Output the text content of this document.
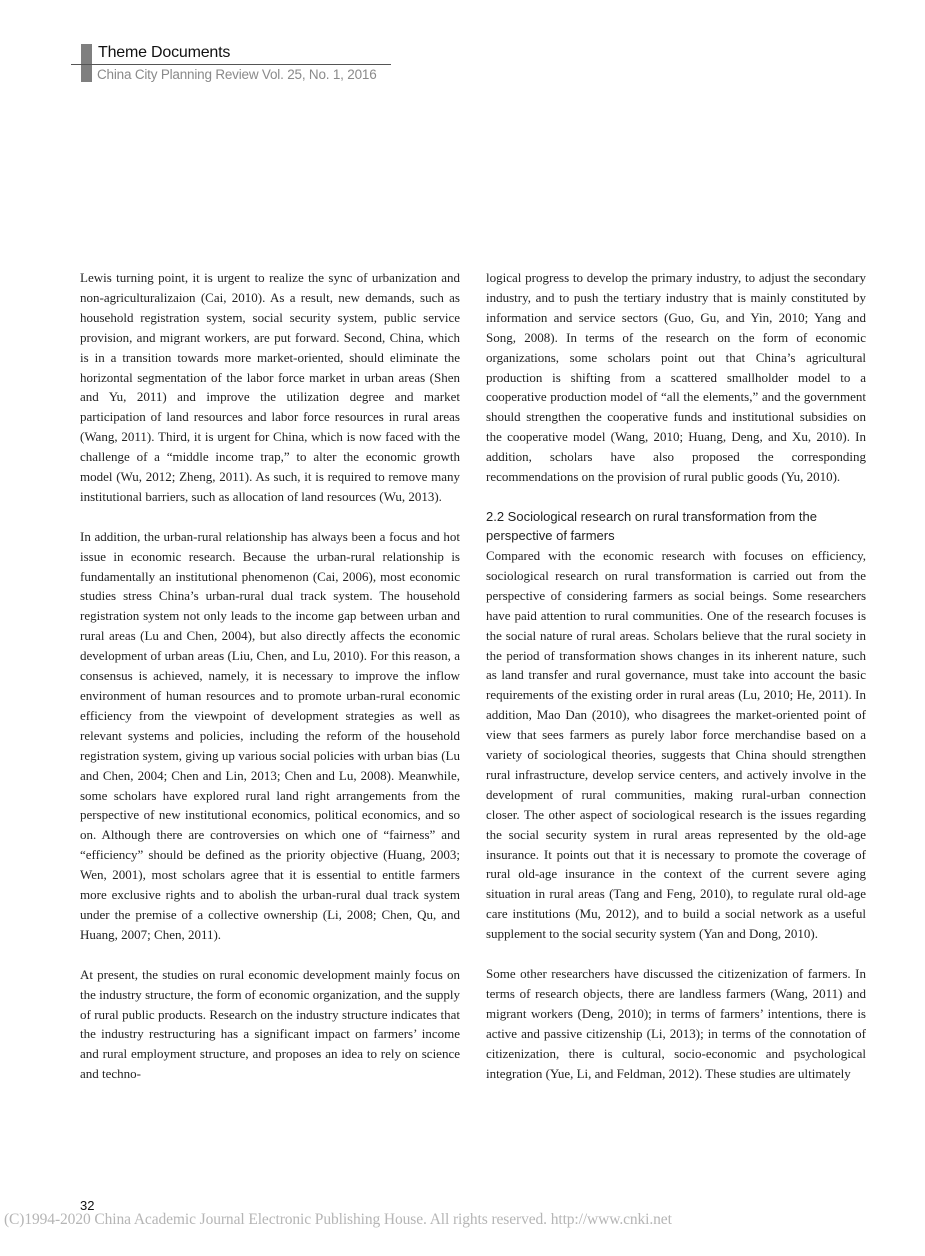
Theme Documents
China City Planning Review Vol. 25, No. 1, 2016

Lewis turning point, it is urgent to realize the sync of urbanization and non-agriculturalizaion (Cai, 2010). As a result, new demands, such as household registration system, social security system, public service provision, and migrant workers, are put forward. Second, China, which is in a transition towards more market-oriented, should eliminate the horizontal segmentation of the labor force market in urban areas (Shen and Yu, 2011) and improve the utilization degree and market participation of land resources and labor force resources in rural areas (Wang, 2011). Third, it is urgent for China, which is now faced with the challenge of a “middle income trap,” to alter the economic growth model (Wu, 2012; Zheng, 2011). As such, it is required to remove many institutional barriers, such as allocation of land resources (Wu, 2013).

In addition, the urban-rural relationship has always been a focus and hot issue in economic research. Because the urban-rural relationship is fundamentally an institutional phenomenon (Cai, 2006), most economic studies stress China’s urban-rural dual track system. The household registration system not only leads to the income gap between urban and rural areas (Lu and Chen, 2004), but also directly affects the economic development of urban areas (Liu, Chen, and Lu, 2010). For this reason, a consensus is achieved, namely, it is necessary to improve the inflow environment of human resources and to promote urban-rural economic efficiency from the viewpoint of development strategies as well as relevant systems and policies, including the reform of the household registration system, giving up various social policies with urban bias (Lu and Chen, 2004; Chen and Lin, 2013; Chen and Lu, 2008). Meanwhile, some scholars have explored rural land right arrangements from the perspective of new institutional economics, political economics, and so on. Although there are controversies on which one of “fairness” and “efficiency” should be defined as the priority objective (Huang, 2003; Wen, 2001), most scholars agree that it is essential to entitle farmers more exclusive rights and to abolish the urban-rural dual track system under the premise of a collective ownership (Li, 2008; Chen, Qu, and Huang, 2007; Chen, 2011).

At present, the studies on rural economic development mainly focus on the industry structure, the form of economic organization, and the supply of rural public products. Research on the industry structure indicates that the industry restructuring has a significant impact on farmers’ income and rural employment structure, and proposes an idea to rely on science and techno-

logical progress to develop the primary industry, to adjust the secondary industry, and to push the tertiary industry that is mainly constituted by information and service sectors (Guo, Gu, and Yin, 2010; Yang and Song, 2008). In terms of the research on the form of economic organizations, some scholars point out that China’s agricultural production is shifting from a scattered smallholder model to a cooperative production model of “all the elements,” and the government should strengthen the cooperative funds and institutional subsidies on the cooperative model (Wang, 2010; Huang, Deng, and Xu, 2010). In addition, scholars have also proposed the corresponding recommendations on the provision of rural public goods (Yu, 2010).

2.2 Sociological research on rural transformation from the perspective of farmers

Compared with the economic research with focuses on efficiency, sociological research on rural transformation is carried out from the perspective of considering farmers as social beings. Some researchers have paid attention to rural communities. One of the research focuses is the social nature of rural areas. Scholars believe that the rural society in the period of transformation shows changes in its inherent nature, such as land transfer and rural governance, must take into account the basic requirements of the existing order in rural areas (Lu, 2010; He, 2011). In addition, Mao Dan (2010), who disagrees the market-oriented point of view that sees farmers as purely labor force merchandise based on a variety of sociological theories, suggests that China should strengthen rural infrastructure, develop service centers, and actively involve in the development of rural communities, making rural-urban connection closer. The other aspect of sociological research is the issues regarding the social security system in rural areas represented by the old-age insurance. It points out that it is necessary to promote the coverage of rural old-age insurance in the context of the current severe aging situation in rural areas (Tang and Feng, 2010), to regulate rural old-age care institutions (Mu, 2012), and to build a social network as a useful supplement to the social security system (Yan and Dong, 2010).

Some other researchers have discussed the citizenization of farmers. In terms of research objects, there are landless farmers (Wang, 2011) and migrant workers (Deng, 2010); in terms of farmers’ intentions, there is active and passive citizenship (Li, 2013); in terms of the connotation of citizenization, there is cultural, socio-economic and psychological integration (Yue, Li, and Feldman, 2012). These studies are ultimately

32
(C)1994-2020 China Academic Journal Electronic Publishing House. All rights reserved. http://www.cnki.net
